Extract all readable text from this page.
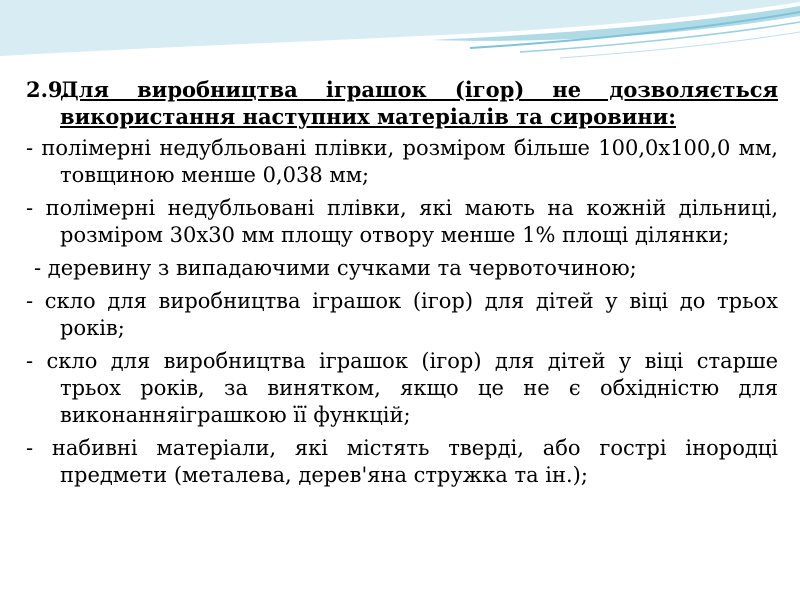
2.9.Для виробництва іграшок (ігор) не дозволяється використання наступних матеріалів та сировини:

- полімерні недубльовані плівки, розміром більше 100,0x100,0 мм, товщиною менше 0,038 мм;

- полімерні недубльовані плівки, які мають на кожній дільниці, розміром 30x30 мм площу отвору менше 1% площі ділянки;

- деревину з випадаючими сучками та червоточиною;

- скло для виробництва іграшок (ігор) для дітей у віці до трьох років;

- скло для виробництва іграшок (ігор) для дітей у віці старше трьох років, за винятком, якщо це не є обхідністю для виконанняіграшкою її функцій;

- набивні матеріали, які містять тверді, або гострі інородці предмети (металева, дерев'яна стружка та ін.);
